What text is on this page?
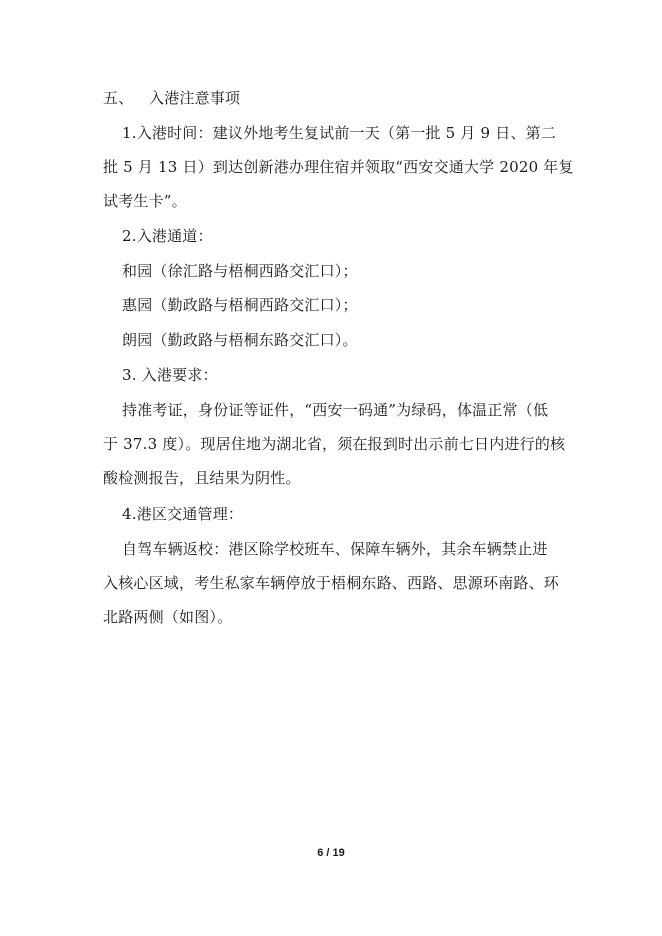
五、 入港注意事项
1.入港时间：建议外地考生复试前一天（第一批 5 月 9 日、第二
批 5 月 13 日）到达创新港办理住宿并领取“西安交通大学 2020 年复
试考生卡”。
2.入港通道：
和园（徐汇路与梧桐西路交汇口）；
惠园（勤政路与梧桐西路交汇口）；
朗园（勤政路与梧桐东路交汇口）。
3. 入港要求：
持准考证，身份证等证件，“西安一码通”为绿码，体温正常（低
于 37.3 度）。现居住地为湖北省，须在报到时出示前七日内进行的核
酸检测报告，且结果为阴性。
4.港区交通管理：
自驾车辆返校：港区除学校班车、保障车辆外，其余车辆禁止进
入核心区域，考生私家车辆停放于梧桐东路、西路、思源环南路、环
北路两侧（如图）。
6 / 19
